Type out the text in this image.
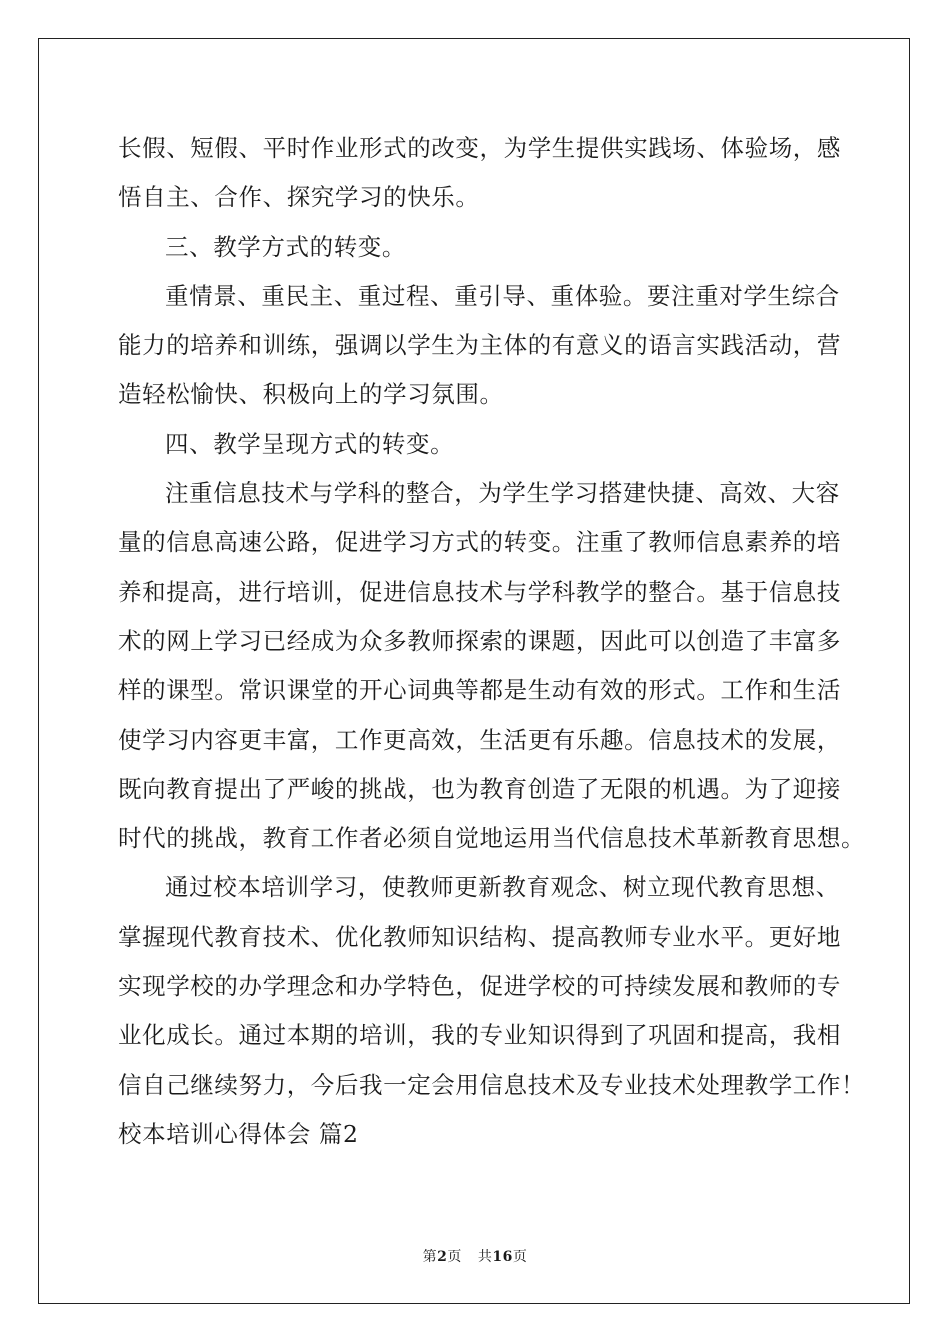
长假、短假、平时作业形式的改变，为学生提供实践场、体验场，感
悟自主、合作、探究学习的快乐。
三、教学方式的转变。
重情景、重民主、重过程、重引导、重体验。要注重对学生综合
能力的培养和训练，强调以学生为主体的有意义的语言实践活动，营
造轻松愉快、积极向上的学习氛围。
四、教学呈现方式的转变。
注重信息技术与学科的整合，为学生学习搭建快捷、高效、大容
量的信息高速公路，促进学习方式的转变。注重了教师信息素养的培
养和提高，进行培训，促进信息技术与学科教学的整合。基于信息技
术的网上学习已经成为众多教师探索的课题，因此可以创造了丰富多
样的课型。常识课堂的开心词典等都是生动有效的形式。工作和生活
使学习内容更丰富，工作更高效，生活更有乐趣。信息技术的发展，
既向教育提出了严峻的挑战，也为教育创造了无限的机遇。为了迎接
时代的挑战，教育工作者必须自觉地运用当代信息技术革新教育思想。
通过校本培训学习，使教师更新教育观念、树立现代教育思想、
掌握现代教育技术、优化教师知识结构、提高教师专业水平。更好地
实现学校的办学理念和办学特色，促进学校的可持续发展和教师的专
业化成长。通过本期的培训，我的专业知识得到了巩固和提高，我相
信自己继续努力，今后我一定会用信息技术及专业技术处理教学工作！
校本培训心得体会 篇2
第2页 共16页
